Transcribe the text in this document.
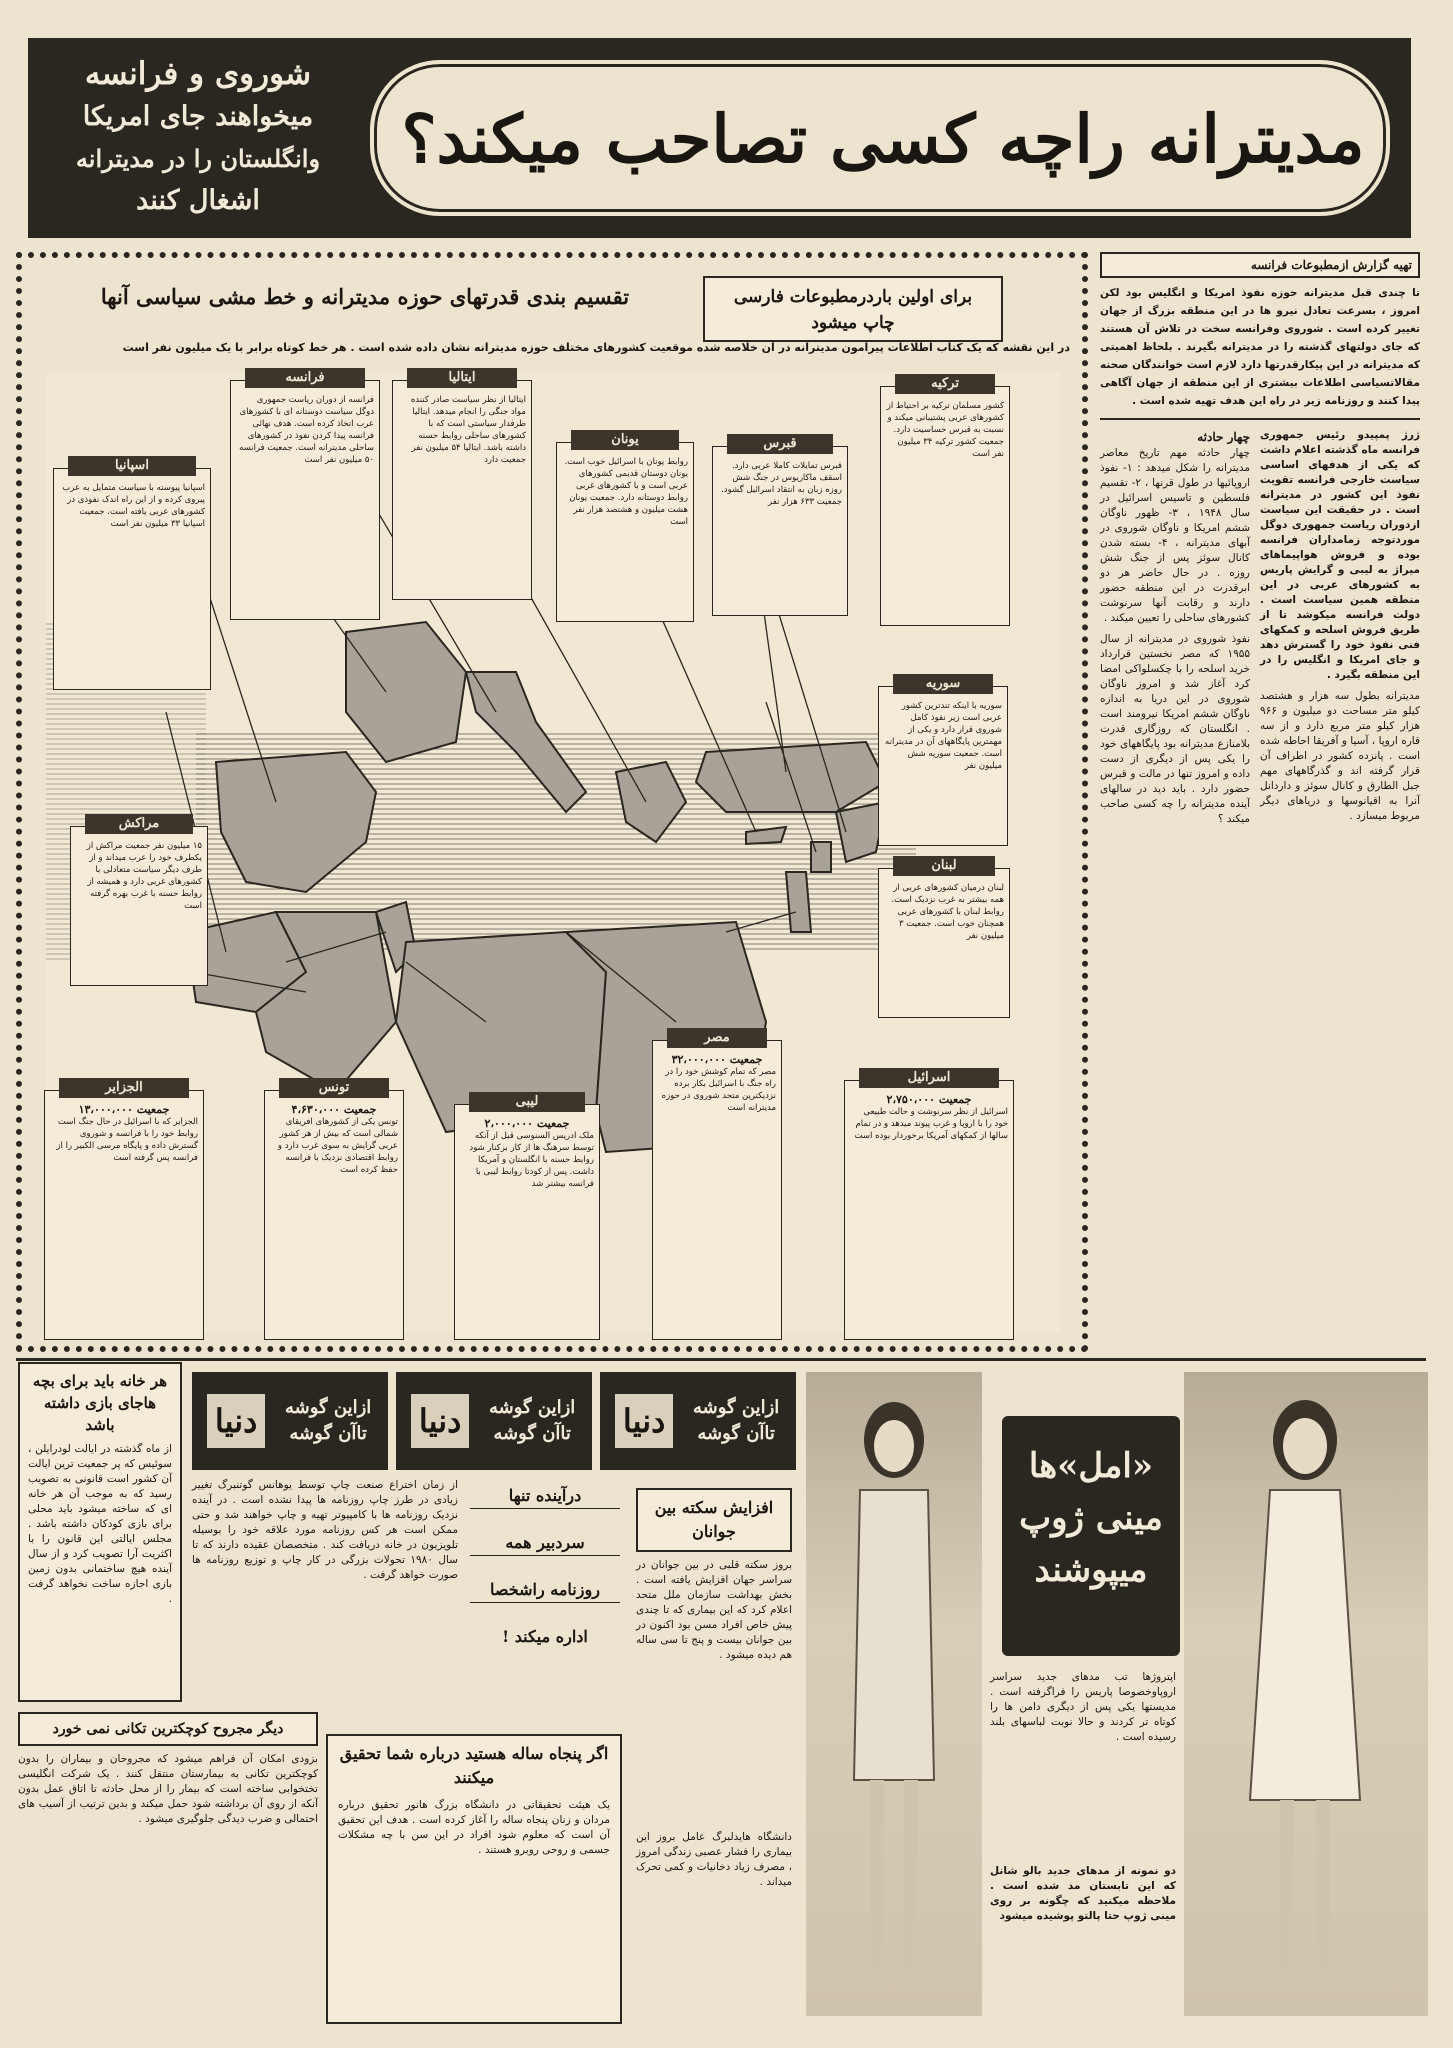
مدیترانه راچه کسی تصاحب میکند؟
شوروی و فرانسه
میخواهند جای امریکا
وانگلستان را در مدیترانه
اشغال کنند
برای اولین باردرمطبوعات فارسی چاپ میشود
تقسیم بندی قدرتهای حوزه مدیترانه و خط مشی سیاسی آنها
در این نقشه که یک کتاب اطلاعات پیرامون مدیترانه در آن خلاصه شده موقعیت کشورهای مختلف حوزه مدیترانه نشان داده شده است . هر خط کوتاه برابر با یک میلیون نفر است
اسپانیا
اسپانیا پیوسته با سیاست متمایل به عرب پیروی کرده و از این راه اندک نفوذی در کشورهای عربی یافته است. جمعیت اسپانیا ۳۳ میلیون نفر است
فرانسه
فرانسه از دوران ریاست جمهوری دوگل سیاست دوستانه ای با کشورهای عرب اتخاذ کرده است. هدف نهائی فرانسه پیدا کردن نفوذ در کشورهای ساحلی مدیترانه است. جمعیت فرانسه ۵۰ میلیون نفر است
ایتالیا
ایتالیا از نظر سیاست صادر کننده مواد جنگی را انجام میدهد. ایتالیا طرفدار سیاستی است که با کشورهای ساحلی روابط حسنه داشته باشد. ایتالیا ۵۴ میلیون نفر جمعیت دارد
یونان
روابط یونان با اسرائیل خوب است. یونان دوستان قدیمی کشورهای عربی است و با کشورهای غربی روابط دوستانه دارد. جمعیت یونان هشت میلیون و هشتصد هزار نفر است
قبرس
قبرس تمایلات کاملا عربی دارد. اسقف ماکاریوس در جنگ شش روزه زبان به انتقاد اسرائیل گشود. جمعیت ۶۳۳ هزار نفر
ترکیه
کشور مسلمان ترکیه بر احتیاط از کشورهای عربی پشتیبانی میکند و نسبت به قبرس حساسیت دارد. جمعیت کشور ترکیه ۳۴ میلیون نفر است
سوریه
سوریه با اینکه تندترین کشور عربی است زیر نفوذ کامل شوروی قرار دارد و یکی از مهمترین پایگاههای آن در مدیترانه است. جمعیت سوریه شش میلیون نفر
لبنان
لبنان درمیان کشورهای عربی از همه بیشتر به غرب نزدیک است. روابط لبنان با کشورهای عربی همچنان خوب است. جمعیت ۳ میلیون نفر
مراکش
۱۵ میلیون نفر جمعیت مراکش از یکطرف خود را عرب میداند و از طرف دیگر سیاست متعادلی با کشورهای غربی دارد و همیشه از روابط حسنه با غرب بهره گرفته است
الجزایر
جمعیت ۱۳،۰۰۰،۰۰۰
الجزایر که با اسرائیل در حال جنگ است روابط خود را با فرانسه و شوروی گسترش داده و پایگاه مرسی الکبیر را از فرانسه پس گرفته است
تونس
جمعیت ۴،۶۳۰،۰۰۰
تونس یکی از کشورهای افریقای شمالی است که بیش از هر کشور عربی گرایش به سوی غرب دارد و روابط اقتصادی نزدیک با فرانسه حفظ کرده است
لیبی
جمعیت ۲،۰۰۰،۰۰۰
ملک ادریس السنوسی قبل از آنکه توسط سرهنگ ها از کار برکنار شود روابط حسنه با انگلستان و آمریکا داشت. پس از کودتا روابط لیبی با فرانسه بیشتر شد
مصر
جمعیت ۳۲،۰۰۰،۰۰۰
مصر که تمام کوشش خود را در راه جنگ با اسرائیل بکار برده نزدیکترین متحد شوروی در حوزه مدیترانه است
اسرائیل
جمعیت ۲،۷۵۰،۰۰۰
اسرائیل از نظر سرنوشت و حالت طبیعی خود را با اروپا و غرب پیوند میدهد و در تمام سالها از کمکهای آمریکا برخوردار بوده است
تهیه گزارش ازمطبوعات فرانسه
تا چندی قبل مدیترانه حوزه نفوذ امریکا و انگلیس بود لکن امروز ، بسرعت تعادل نیرو ها در این منطقه بزرگ از جهان تغییر کرده است . شوروی وفرانسه سخت در تلاش آن هستند که جای دولتهای گذشته را در مدیترانه بگیرند . بلحاظ اهمیتی که مدیترانه در این پیکارقدرتها دارد لازم است خوانندگان صحنه مقالاتسیاسی اطلاعات بیشتری از این منطقه از جهان آگاهی پیدا کنند و روزنامه زیر در راه این هدف تهیه شده است .
ژرژ پمپیدو رئیس جمهوری فرانسه ماه گذشته اعلام داشت که یکی از هدفهای اساسی سیاست خارجی فرانسه تقویت نفوذ این کشور در مدیترانه است . در حقیقت این سیاست ازدوران ریاست جمهوری دوگل موردتوجه زمامداران فرانسه بوده و فروش هواپیماهای میراژ به لیبی و گرایش پاریس به کشورهای عربی در این منطقه همین سیاست است . دولت فرانسه میکوشد تا از طریق فروش اسلحه و کمکهای فنی نفوذ خود را گسترش دهد و جای امریکا و انگلیس را در این منطقه بگیرد .
مدیترانه بطول سه هزار و هشتصد کیلو متر مساحت دو میلیون و ۹۶۶ هزار کیلو متر مربع دارد و از سه قاره اروپا ، آسیا و آفریقا احاطه شده است . پانزده کشور در اطراف آن قرار گرفته اند و گذرگاههای مهم جبل الطارق و کانال سوئز و داردانل آنرا به اقیانوسها و دریاهای دیگر مربوط میسازد .
چهار حادثه
چهار حادثه مهم تاریخ معاصر مدیترانه را شکل میدهد : ۱- نفوذ اروپائیها در طول قرنها ، ۲- تقسیم فلسطین و تاسیس اسرائیل در سال ۱۹۴۸ ، ۳- ظهور ناوگان ششم امریکا و ناوگان شوروی در آبهای مدیترانه ، ۴- بسته شدن کانال سوئز پس از جنگ شش روزه . در حال حاضر هر دو ابرقدرت در این منطقه حضور دارند و رقابت آنها سرنوشت کشورهای ساحلی را تعیین میکند .
نفوذ شوروی در مدیترانه از سال ۱۹۵۵ که مصر نخستین قرارداد خرید اسلحه را با چکسلواکی امضا کرد آغاز شد و امروز ناوگان شوروی در این دریا به اندازه ناوگان ششم امریکا نیرومند است . انگلستان که روزگاری قدرت بلامنازع مدیترانه بود پایگاههای خود را یکی پس از دیگری از دست داده و امروز تنها در مالت و قبرس حضور دارد . باید دید در سالهای آینده مدیترانه را چه کسی صاحب میکند ؟
«امل»ها مینی ژوپ میپوشند
اپتروژها تب مدهای جدید سراسر اروپاوخصوصا پاریس را فراگرفته است . مدیستها یکی پس از دیگری دامن ها را کوتاه تر کردند و حالا نوبت لباسهای بلند رسیده است .
دو نمونه از مدهای جدید بالو شانل که این تابستان مد شده است . ملاحظه میکنید که چگونه بر روی مینی ژوپ حتا پالتو پوشیده میشود
ازاین گوشه تاآن گوشه
دنیا
ازاین گوشه تاآن گوشه
دنیا
ازاین گوشه تاآن گوشه
دنیا
افزایش سکته بین جوانان
بروز سکته قلبی در بین جوانان در سراسر جهان افزایش یافته است . بخش بهداشت سازمان ملل متحد اعلام کرد که این بیماری که تا چندی پیش خاص افراد مسن بود اکنون در بین جوانان بیست و پنج تا سی ساله هم دیده میشود .
دانشگاه هایدلبرگ عامل بروز این بیماری را فشار عصبی زندگی امروز ، مصرف زیاد دخانیات و کمی تحرک میداند .
درآینده تنها
سردبیر همه
روزنامه راشخصا
اداره میکند !
از زمان اختراع صنعت چاپ توسط یوهانس گوتنبرگ تغییر زیادی در طرز چاپ روزنامه ها پیدا نشده است . در آینده نزدیک روزنامه ها با کامپیوتر تهیه و چاپ خواهند شد و حتی ممکن است هر کس روزنامه مورد علاقه خود را بوسیله تلویزیون در خانه دریافت کند . متخصصان عقیده دارند که تا سال ۱۹۸۰ تحولات بزرگی در کار چاپ و توزیع روزنامه ها صورت خواهد گرفت .
اگر پنجاه ساله هستید درباره شما تحقیق میکنند
یک هیئت تحقیقاتی در دانشگاه بزرگ هانور تحقیق درباره مردان و زنان پنجاه ساله را آغاز کرده است . هدف این تحقیق آن است که معلوم شود افراد در این سن با چه مشکلات جسمی و روحی روبرو هستند .
هر خانه باید برای بچه هاجای بازی داشته باشد
از ماه گذشته در ایالت لودرایلن ، سوئیس که پر جمعیت ترین ایالت آن کشور است قانونی به تصویب رسید که به موجب آن هر خانه ای که ساخته میشود باید محلی برای بازی کودکان داشته باشد . مجلس ایالتی این قانون را با اکثریت آرا تصویب کرد و از سال آینده هیچ ساختمانی بدون زمین بازی اجازه ساخت نخواهد گرفت .
دیگر مجروح کوچکترین تکانی نمی خورد
بزودی امکان آن فراهم میشود که مجروحان و بیماران را بدون کوچکترین تکانی به بیمارستان منتقل کنند . یک شرکت انگلیسی تختخوابی ساخته است که بیمار را از محل حادثه تا اتاق عمل بدون آنکه از روی آن برداشته شود حمل میکند و بدین ترتیب از آسیب های احتمالی و ضرب دیدگی جلوگیری میشود .
